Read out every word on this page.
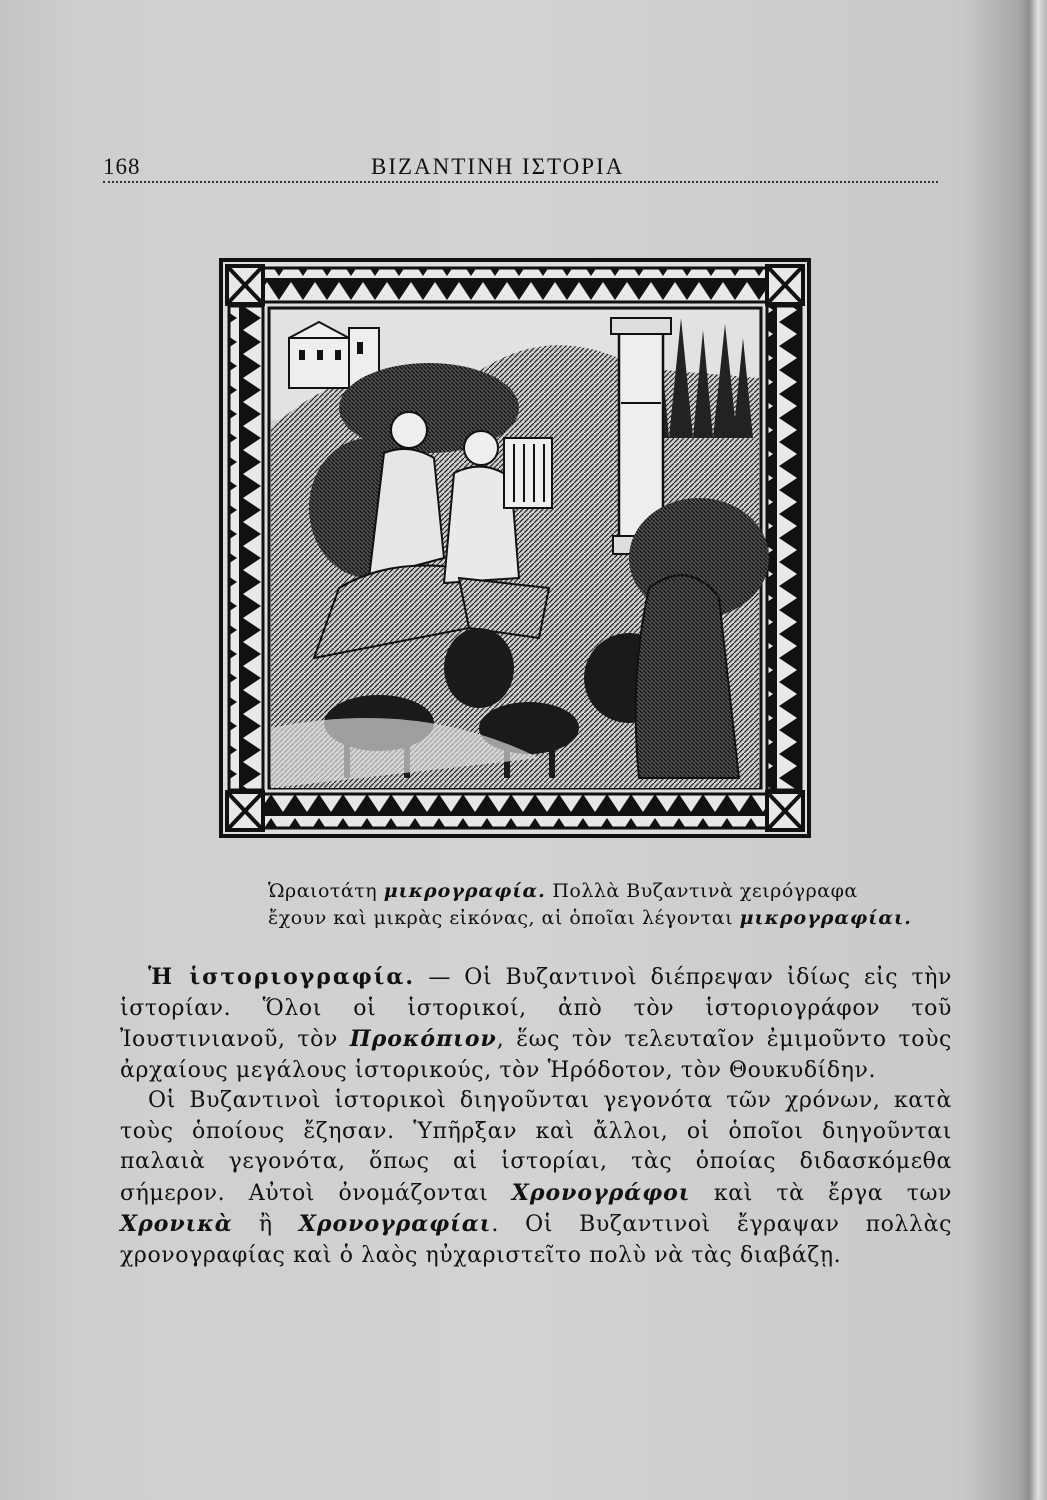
168	ΒΙΖΑΝΤΙΝΗ ΙΣΤΟΡΙΑ
Ὡραιοτάτη μικρογραφία. Πολλὰ Βυζαντινὰ χειρόγραφα
ἔχουν καὶ μικρὰς εἰκόνας, αἱ ὁποῖαι λέγονται μικρογραφίαι.

Ἡ ἱστοριογραφία. — Οἱ Βυζαντινοὶ διέπρεψαν ἰδίως εἰς τὴν ἱστορίαν. Ὅλοι οἱ ἱστορικοί, ἀπὸ τὸν ἱστοριογράφον τοῦ Ἰουστινιανοῦ, τὸν Προκόπιον, ἕως τὸν τελευταῖον ἐμιμοῦντο τοὺς ἀρχαίους μεγάλους ἱστορικούς, τὸν Ἡρόδοτον, τὸν Θουκυδίδην.

Οἱ Βυζαντινοὶ ἱστορικοὶ διηγοῦνται γεγονότα τῶν χρόνων, κατὰ τοὺς ὁποίους ἔζησαν. Ὑπῆρξαν καὶ ἄλλοι, οἱ ὁποῖοι διηγοῦνται παλαιὰ γεγονότα, ὅπως αἱ ἱστορίαι, τὰς ὁποίας διδασκόμεθα σήμερον. Αὐτοὶ ὀνομάζονται Χρονογράφοι καὶ τὰ ἔργα των Χρονικὰ ἢ Χρονογραφίαι. Οἱ Βυζαντινοὶ ἔγραψαν πολλὰς χρονογραφίας καὶ ὁ λαὸς ηὐχαριστεῖτο πολὺ νὰ τὰς διαβάζῃ.
